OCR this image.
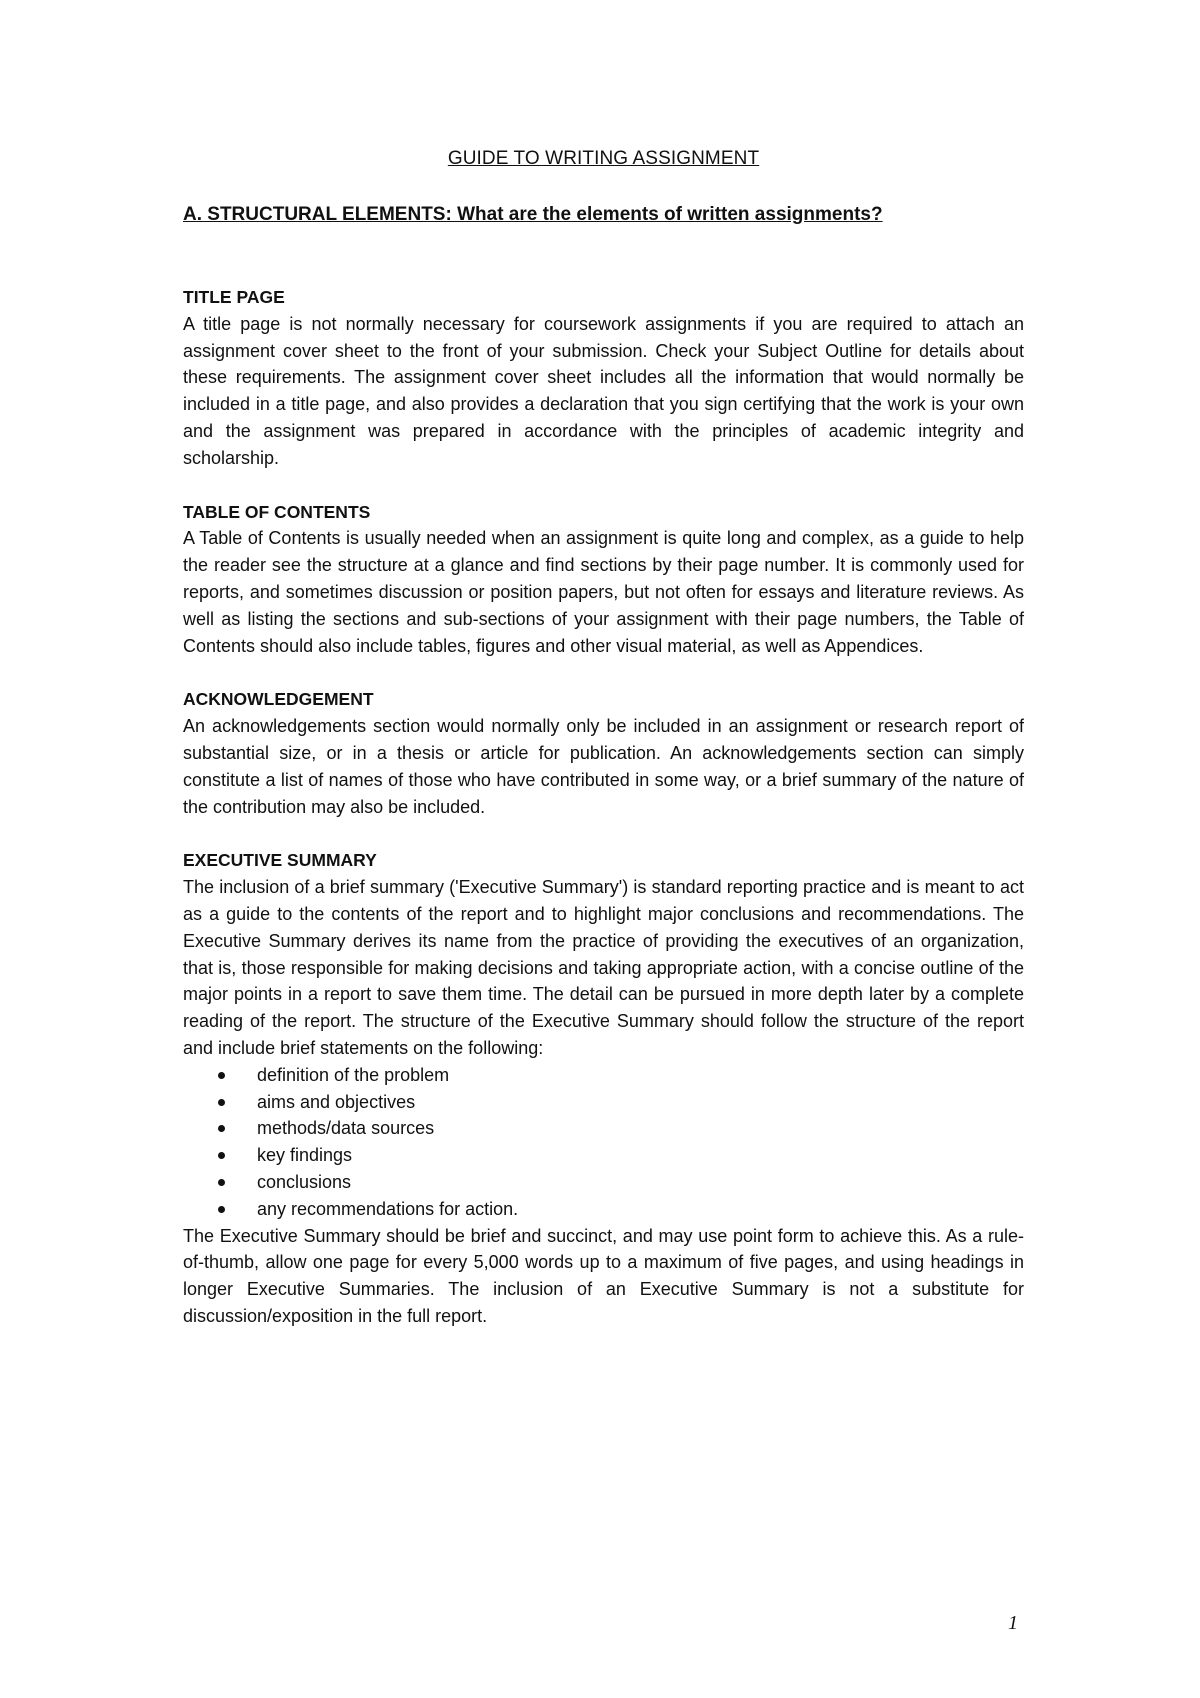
GUIDE TO WRITING ASSIGNMENT
A. STRUCTURAL ELEMENTS: What are the elements of written assignments?
TITLE PAGE

A title page is not normally necessary for coursework assignments if you are required to attach an assignment cover sheet to the front of your submission. Check your Subject Outline for details about these requirements. The assignment cover sheet includes all the information that would normally be included in a title page, and also provides a declaration that you sign certifying that the work is your own and the assignment was prepared in accordance with the principles of academic integrity and scholarship.

TABLE OF CONTENTS

A Table of Contents is usually needed when an assignment is quite long and complex, as a guide to help the reader see the structure at a glance and find sections by their page number. It is commonly used for reports, and sometimes discussion or position papers, but not often for essays and literature reviews. As well as listing the sections and sub-sections of your assignment with their page numbers, the Table of Contents should also include tables, figures and other visual material, as well as Appendices.

ACKNOWLEDGEMENT

An acknowledgements section would normally only be included in an assignment or research report of substantial size, or in a thesis or article for publication. An acknowledgements section can simply constitute a list of names of those who have contributed in some way, or a brief summary of the nature of the contribution may also be included.

EXECUTIVE SUMMARY

The inclusion of a brief summary ('Executive Summary') is standard reporting practice and is meant to act as a guide to the contents of the report and to highlight major conclusions and recommendations. The Executive Summary derives its name from the practice of providing the executives of an organization, that is, those responsible for making decisions and taking appropriate action, with a concise outline of the major points in a report to save them time. The detail can be pursued in more depth later by a complete reading of the report. The structure of the Executive Summary should follow the structure of the report and include brief statements on the following:

definition of the problem
aims and objectives
methods/data sources
key findings
conclusions
any recommendations for action.

The Executive Summary should be brief and succinct, and may use point form to achieve this. As a rule-of-thumb, allow one page for every 5,000 words up to a maximum of five pages, and using headings in longer Executive Summaries. The inclusion of an Executive Summary is not a substitute for discussion/exposition in the full report.

1
